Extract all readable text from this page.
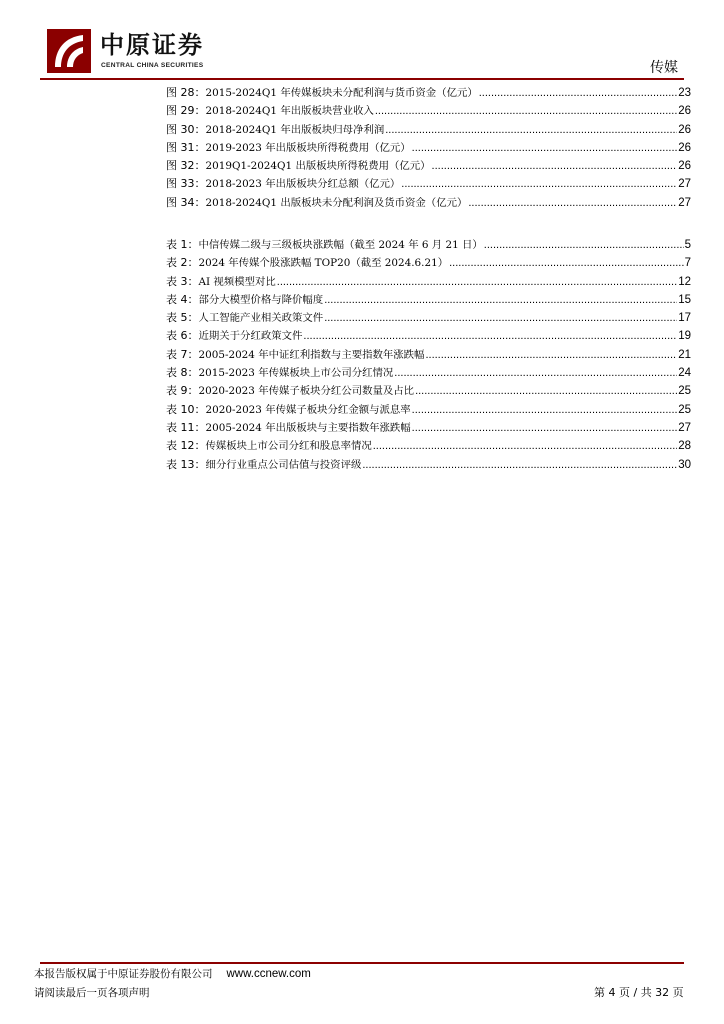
中原证券
CENTRAL CHINA SECURITIES	传媒
图 28： 2015-2024Q1 年传媒板块未分配利润与货币资金（亿元） .....	23
图 29： 2018-2024Q1 年出版板块营业收入 .....	26
图 30： 2018-2024Q1 年出版板块归母净利润 .....	26
图 31： 2019-2023 年出版板块所得税费用（亿元） .....	26
图 32： 2019Q1-2024Q1 出版板块所得税费用（亿元） .....	26
图 33： 2018-2023 年出版板块分红总额（亿元） .....	27
图 34： 2018-2024Q1 出版板块未分配利润及货币资金（亿元） .....	27
表 1： 中信传媒二级与三级板块涨跌幅（截至 2024 年 6 月 21 日） .....	5
表 2： 2024 年传媒个股涨跌幅 TOP20（截至 2024.6.21） .....	7
表 3： AI 视频模型对比 .....	12
表 4： 部分大模型价格与降价幅度 .....	15
表 5： 人工智能产业相关政策文件 .....	17
表 6： 近期关于分红政策文件 .....	19
表 7： 2005-2024 年中证红利指数与主要指数年涨跌幅 .....	21
表 8： 2015-2023 年传媒板块上市公司分红情况 .....	24
表 9： 2020-2023 年传媒子板块分红公司数量及占比 .....	25
表 10： 2020-2023 年传媒子板块分红金额与派息率 .....	25
表 11： 2005-2024 年出版板块与主要指数年涨跌幅 .....	27
表 12： 传媒板块上市公司分红和股息率情况 .....	28
表 13： 细分行业重点公司估值与投资评级 .....	30
本报告版权属于中原证券股份有限公司 www.ccnew.com
请阅读最后一页各项声明	第 4 页 / 共 32 页
